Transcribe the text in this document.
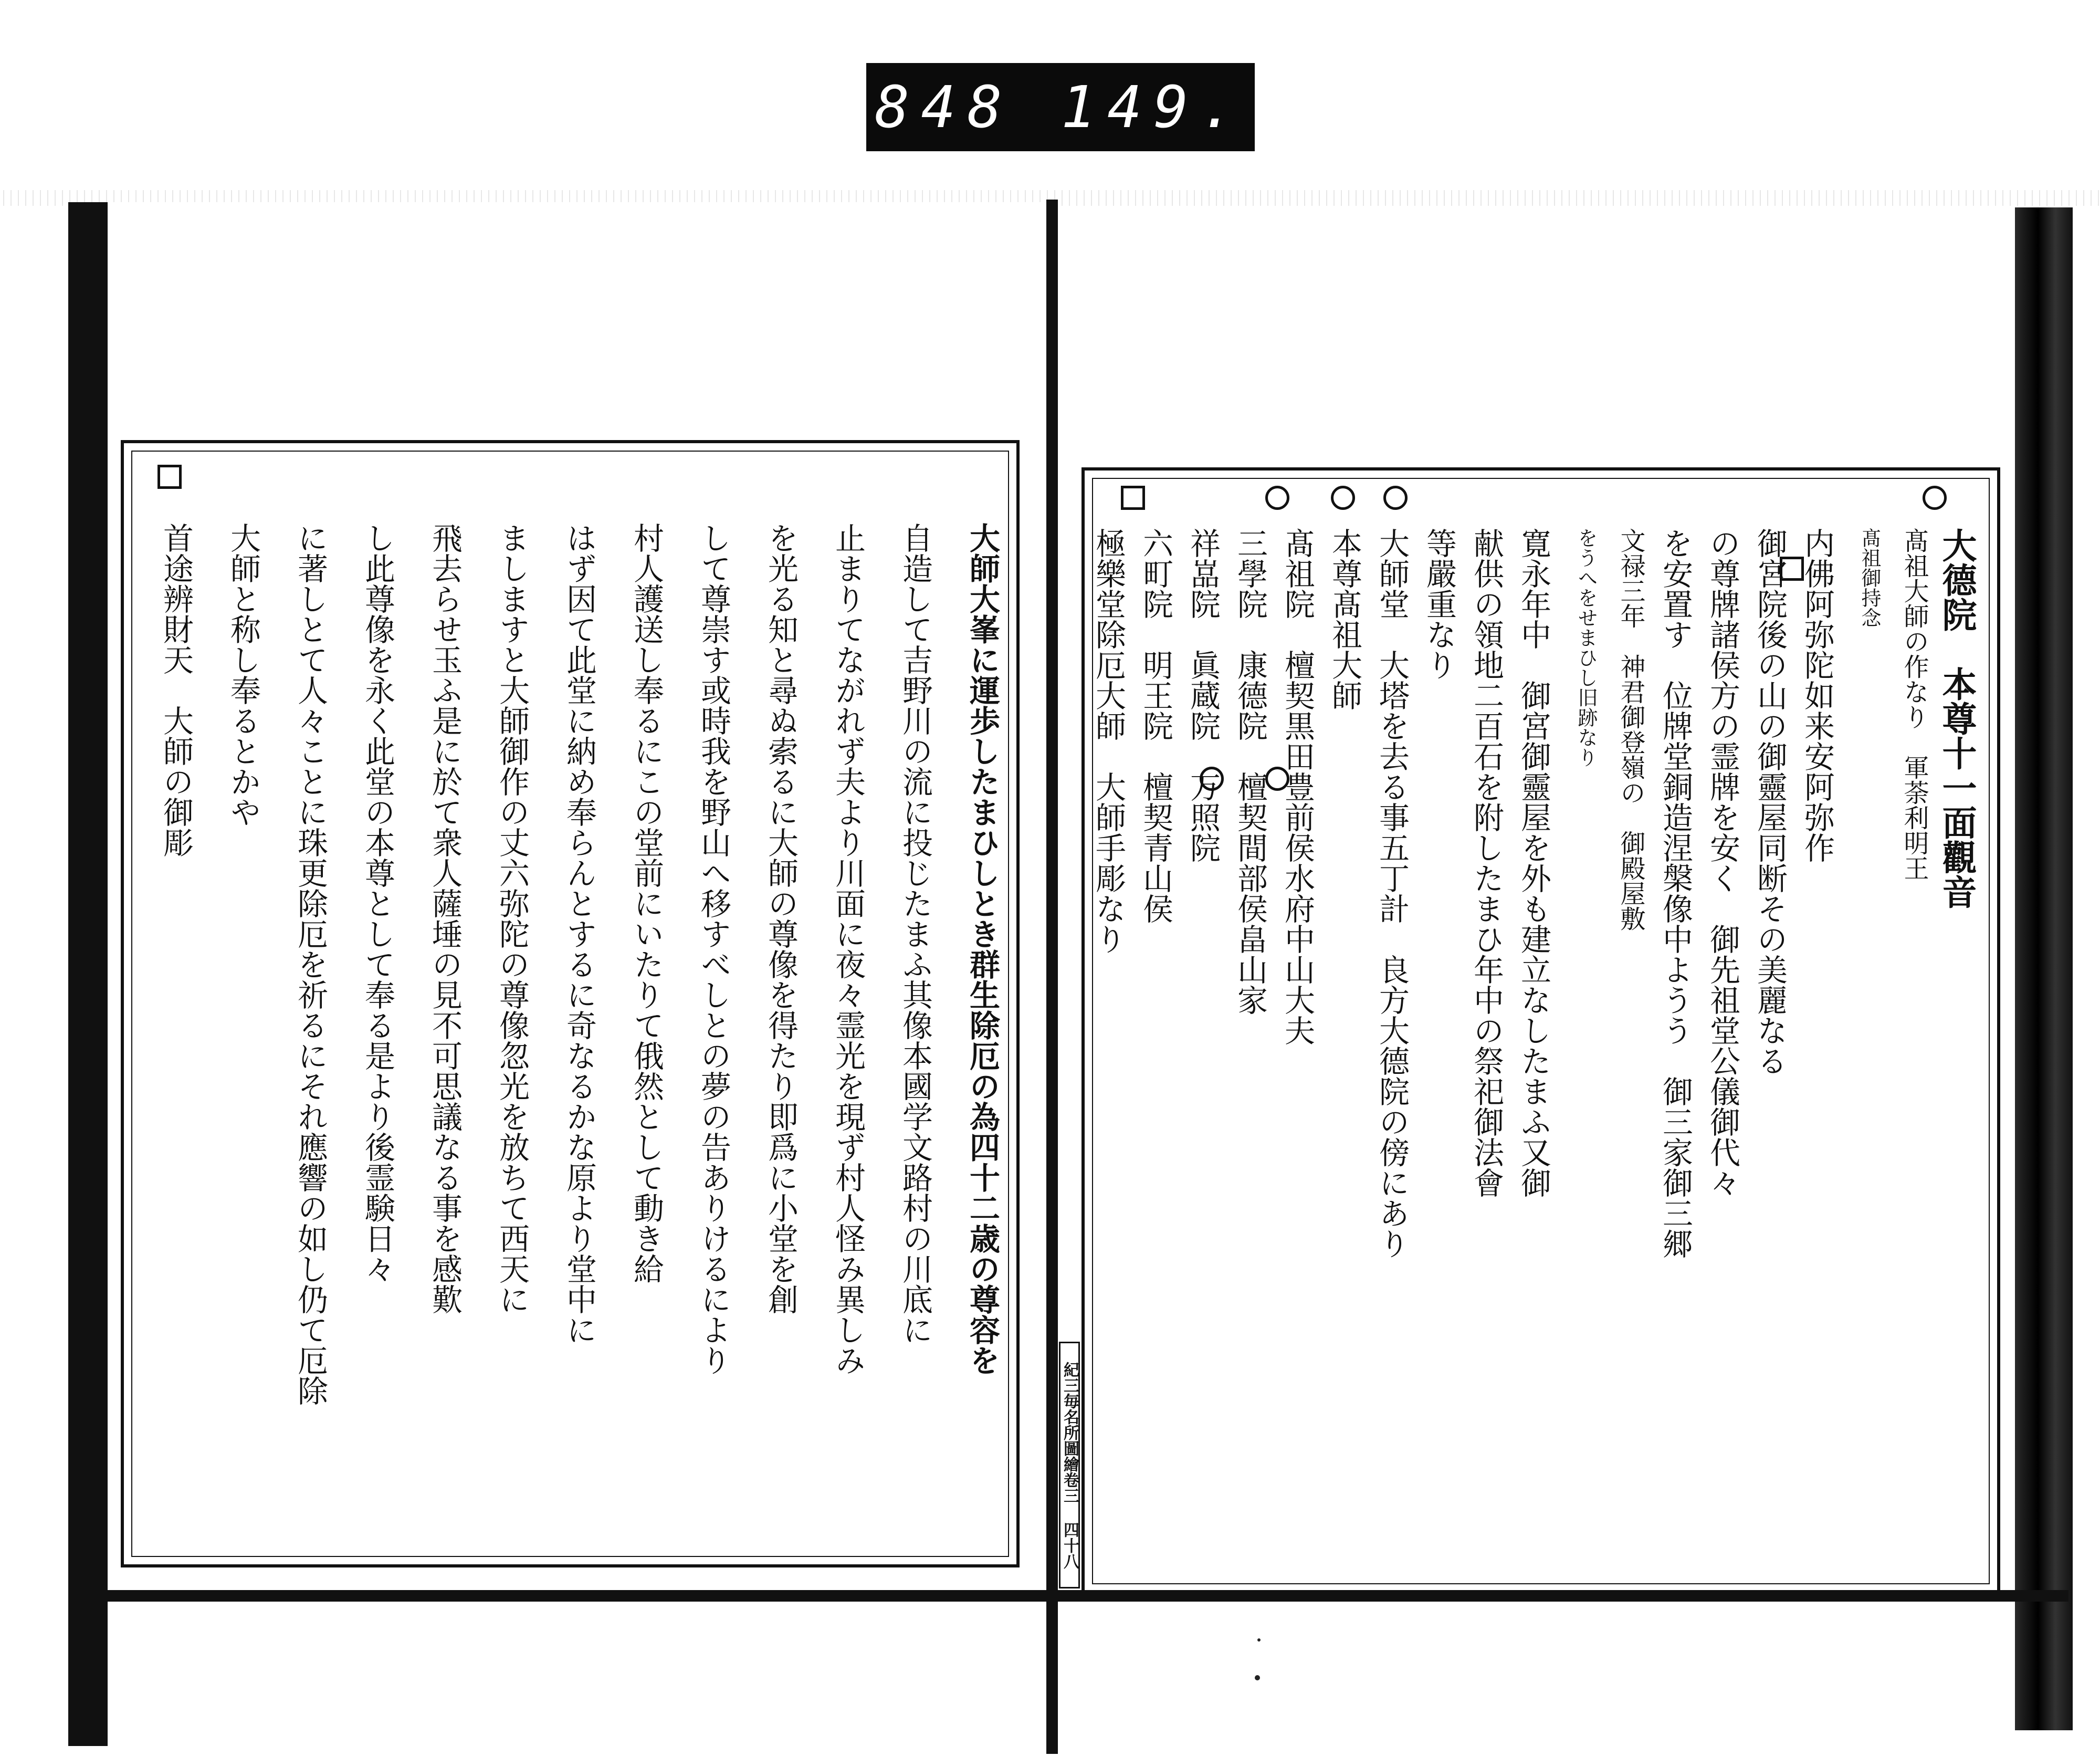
848 149.
大德院　本尊十一面觀音
髙祖大師の作なり　軍荼利明王
髙祖御持念
内佛阿弥陀如来安阿弥作
御宮院後の山の御靈屋同断その美麗なる
の尊牌諸侯方の霊牌を安く　御先祖堂公儀御代々
を安置す　位牌堂銅造涅槃像中ようう　御三家御三郷
文禄三年　神君御登嶺の　御殿屋敷
をうへをせまひし旧跡なり
寛永年中　御宮御靈屋を外も建立なしたまふ又御
献供の領地二百石を附したまひ年中の祭祀御法會
等嚴重なり
大師堂　大塔を去る事五丁計　良方大德院の傍にあり
本尊髙祖大師
髙祖院　檀契黒田豊前侯水府中山大夫
三學院　康德院　檀契間部侯畠山家
祥嵓院　眞蔵院　万照院
六町院　明王院　檀契青山侯
極樂堂除厄大師　大師手彫なり
大師大峯に運歩したまひしとき群生除厄の為四十二歳の尊容を
自造して吉野川の流に投じたまふ其像本國学文路村の川底に
止まりてながれず夫より川面に夜々霊光を現ず村人怪み異しみ
を光る知と尋ぬ索るに大師の尊像を得たり即爲に小堂を創
して尊崇す或時我を野山へ移すべしとの夢の告ありけるにより
村人護送し奉るにこの堂前にいたりて俄然として動き給
はず因て此堂に納め奉らんとするに奇なるかな原より堂中に
ましますと大師御作の丈六弥陀の尊像忽光を放ちて西天に
飛去らせ玉ふ是に於て衆人薩埵の見不可思議なる事を感歎
し此尊像を永く此堂の本尊として奉る是より後霊験日々
に著しとて人々ことに珠更除厄を祈るにそれ應響の如し仍て厄除
大師と称し奉るとかや
首途辨財天　大師の御彫
紀三毎名所圖繪卷三 四十八
